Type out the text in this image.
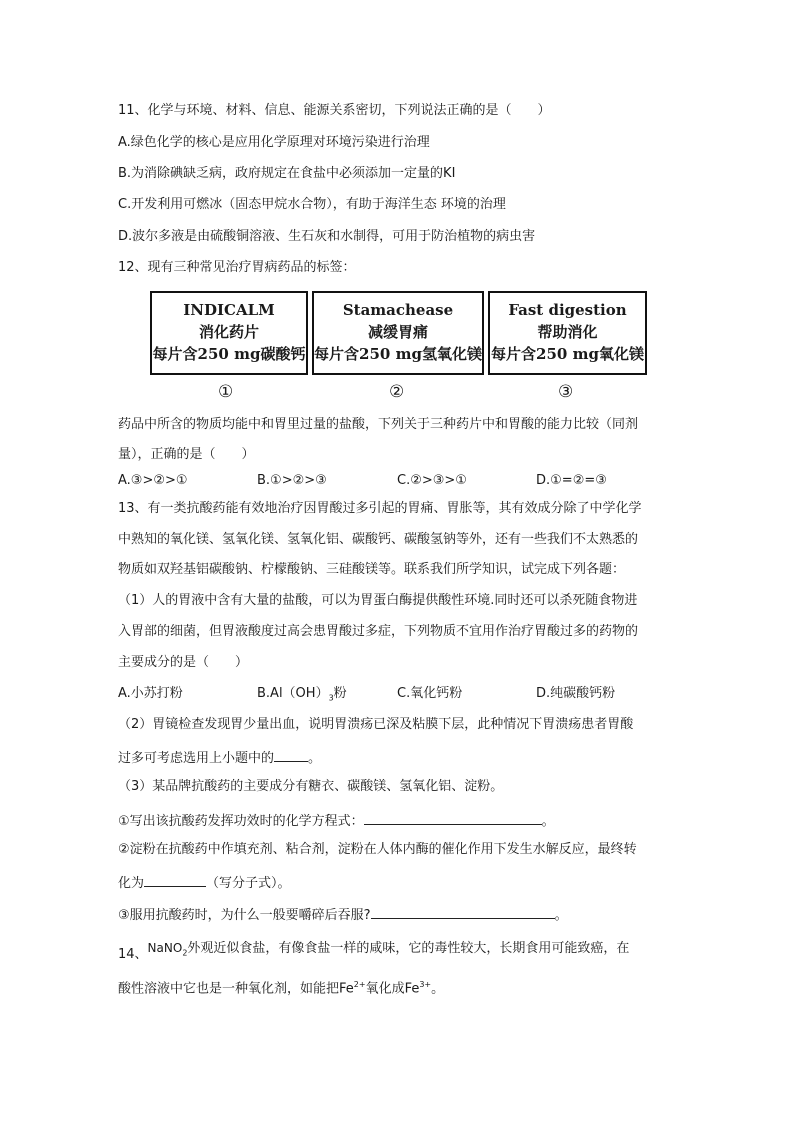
11、化学与环境、材料、信息、能源关系密切，下列说法正确的是（　　）
A.绿色化学的核心是应用化学原理对环境污染进行治理
B.为消除碘缺乏病，政府规定在食盐中必须添加一定量的KI
C.开发利用可燃冰（固态甲烷水合物），有助于海洋生态 环境的治理
D.波尔多液是由硫酸铜溶液、生石灰和水制得，可用于防治植物的病虫害
12、现有三种常见治疗胃病药品的标签：
INDICALM
消化药片
每片含250 mg碳酸钙
Stamachease
减缓胃痛
每片含250 mg氢氧化镁
Fast digestion
帮助消化
每片含250 mg氧化镁
①	②	③
药品中所含的物质均能中和胃里过量的盐酸，下列关于三种药片中和胃酸的能力比较（同剂
量），正确的是（　　）
A.③>②>①	B.①>②>③	C.②>③>①	D.①=②=③
13、有一类抗酸药能有效地治疗因胃酸过多引起的胃痛、胃胀等，其有效成分除了中学化学
中熟知的氧化镁、氢氧化镁、氢氧化铝、碳酸钙、碳酸氢钠等外，还有一些我们不太熟悉的
物质如双羟基铝碳酸钠、柠檬酸钠、三硅酸镁等。联系我们所学知识，试完成下列各题：
（1）人的胃液中含有大量的盐酸，可以为胃蛋白酶提供酸性环境.同时还可以杀死随食物进
入胃部的细菌，但胃液酸度过高会患胃酸过多症，下列物质不宜用作治疗胃酸过多的药物的
主要成分的是（　　）
A.小苏打粉	$B.Al(OH)_3$粉	C.氧化钙粉	D.纯碳酸钙粉
（2）胃镜检查发现胃少量出血，说明胃溃疡已深及粘膜下层，此种情况下胃溃疡患者胃酸
过多可考虑选用上小题中的	。
（3）某品牌抗酸药的主要成分有糖衣、碳酸镁、氢氧化铝、淀粉。
①写出该抗酸药发挥功效时的化学方程式：	。
②淀粉在抗酸药中作填充剂、粘合剂，淀粉在人体内酶的催化作用下发生水解反应，最终转
化为	（写分子式）。
③服用抗酸药时，为什么一般要嚼碎后吞服?	。
14、NaNO$_2$外观近似食盐，有像食盐一样的咸味，它的毒性较大，长期食用可能致癌，在
酸性溶液中它也是一种氧化剂，如能把$Fe^{2+}$氧化成$Fe^{3+}$。
